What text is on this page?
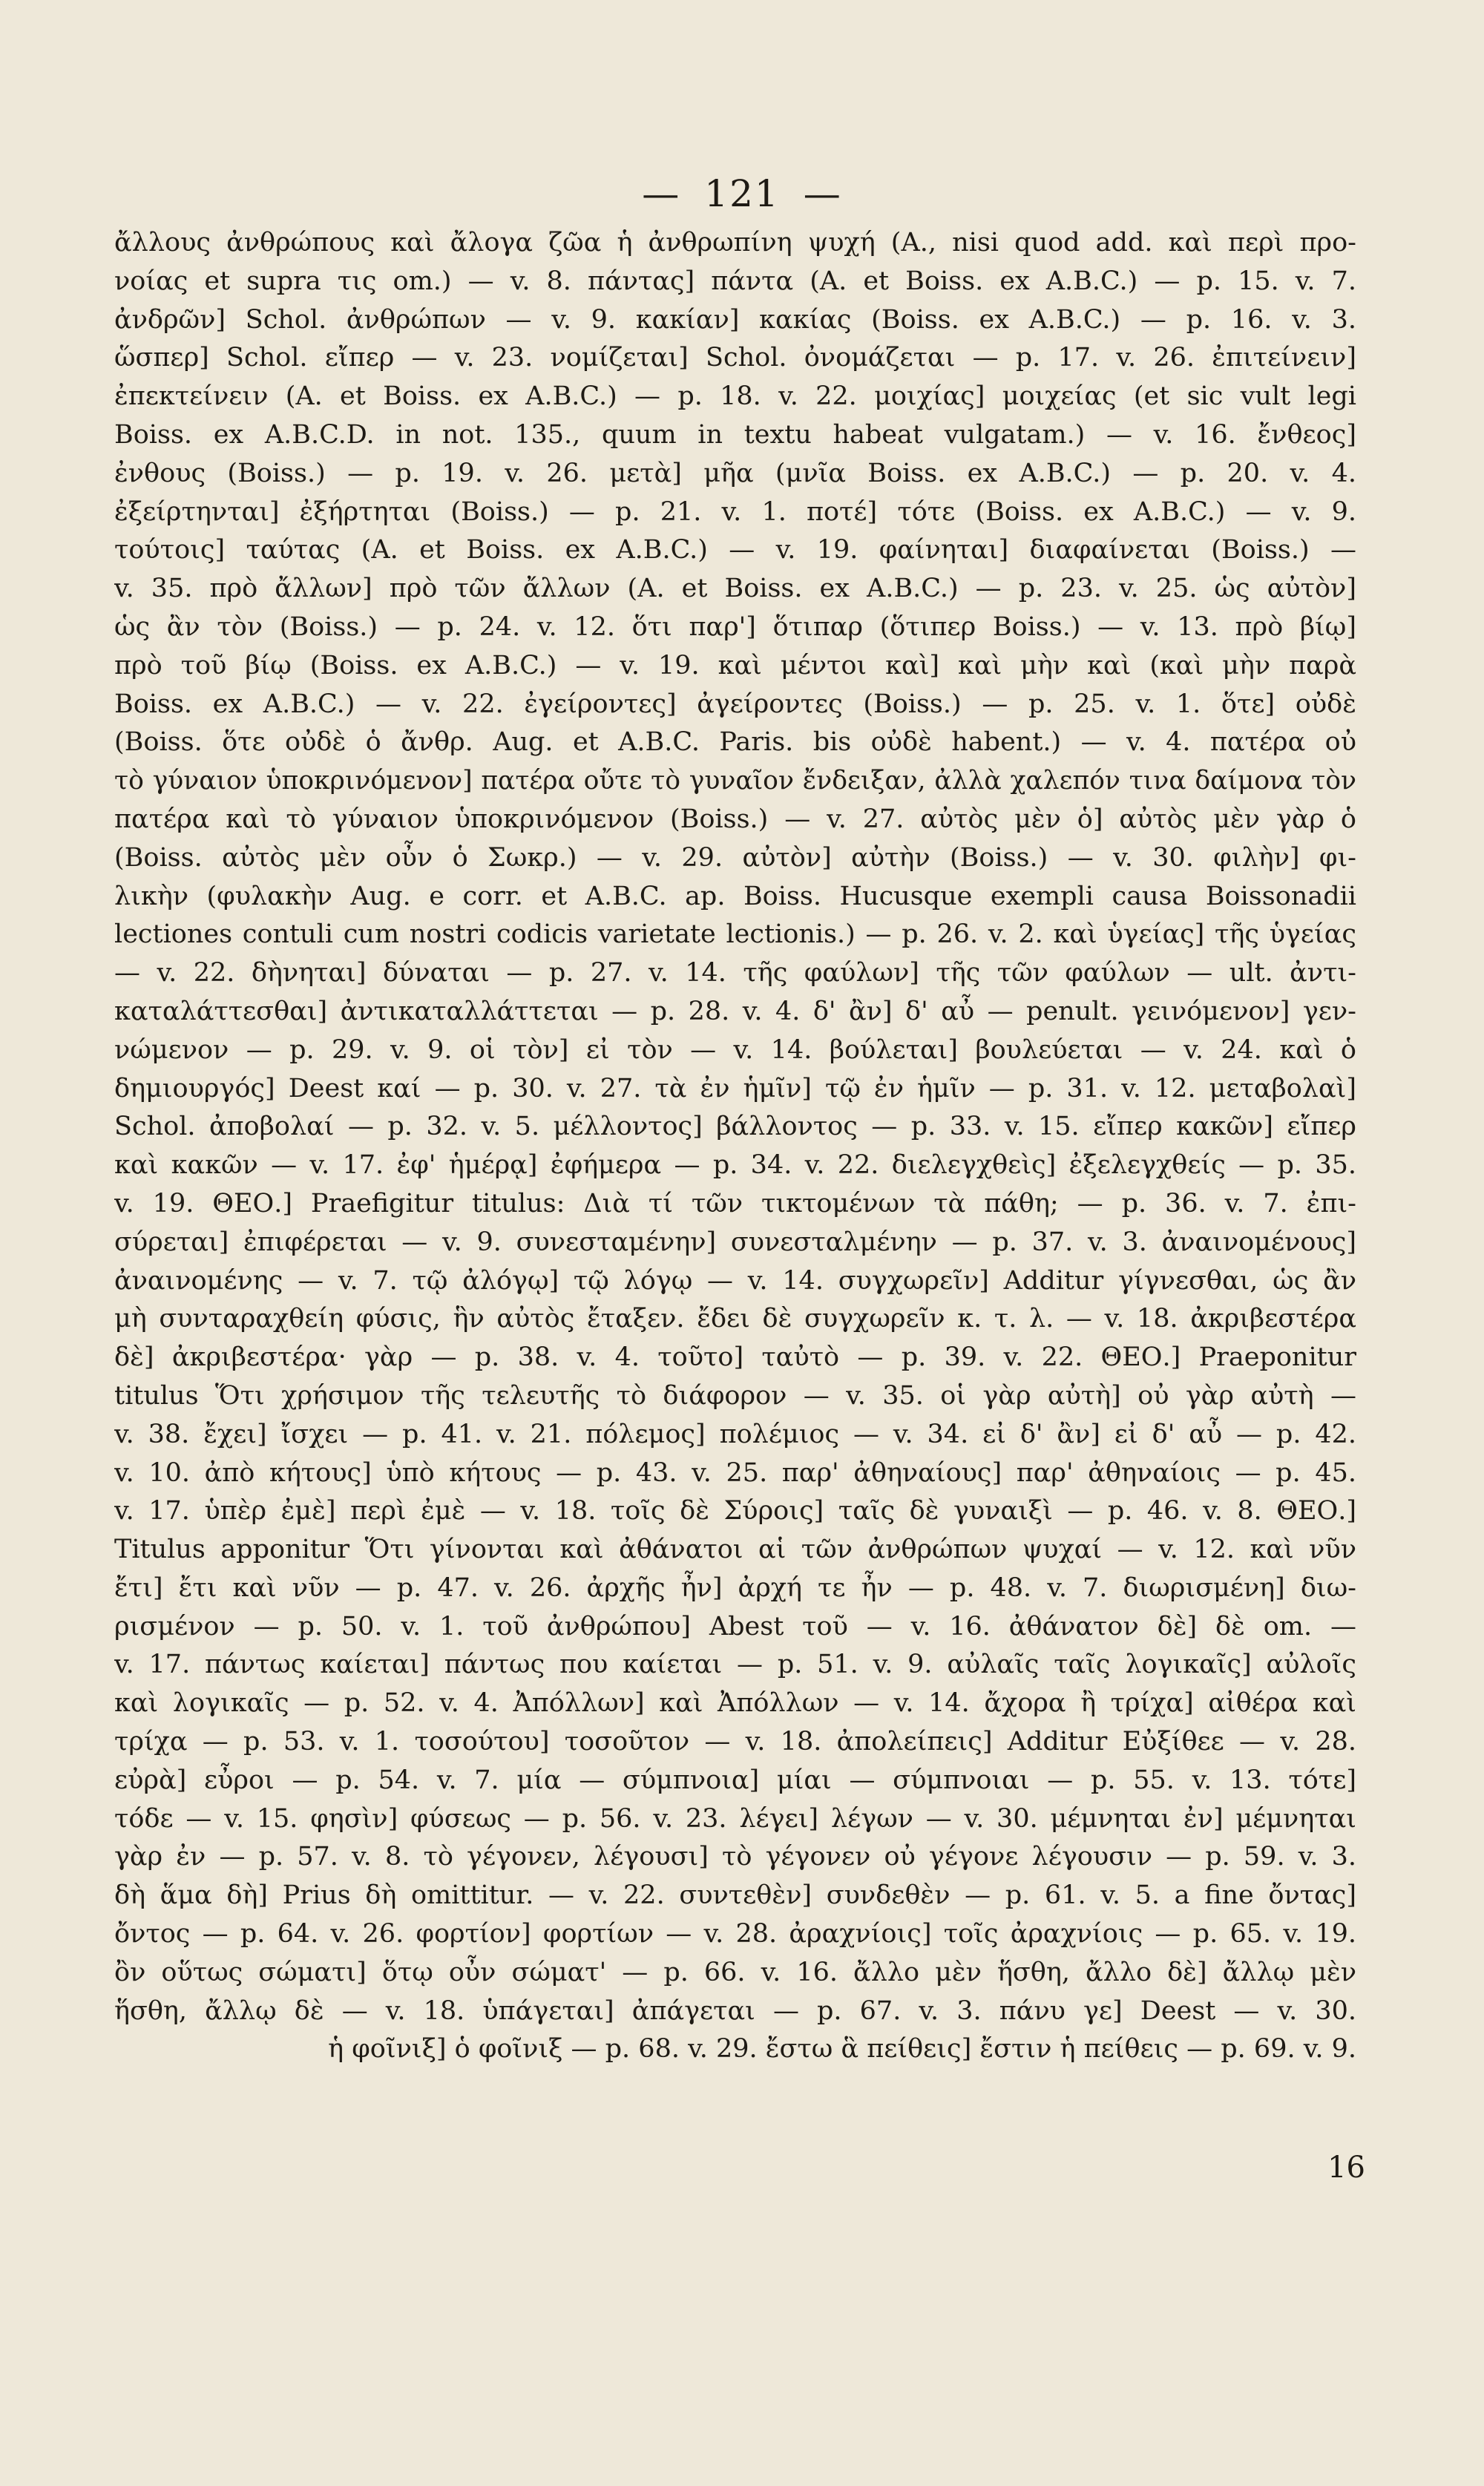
— 121 —
ἄλλους ἀνθρώπους καὶ ἄλογα ζῶα ἡ ἀνθρωπίνη ψυχή (A., nisi quod add. καὶ περὶ προ-
νοίας et supra τις om.) — v. 8. πάντας] πάντα (A. et Boiss. ex A.B.C.) — p. 15. v. 7.
ἀνδρῶν] Schol. ἀνθρώπων — v. 9. κακίαν] κακίας (Boiss. ex A.B.C.) — p. 16. v. 3.
ὥσπερ] Schol. εἴπερ — v. 23. νομίζεται] Schol. ὀνομάζεται — p. 17. v. 26. ἐπιτείνειν]
ἐπεκτείνειν (A. et Boiss. ex A.B.C.) — p. 18. v. 22. μοιχίας] μοιχείας (et sic vult legi
Boiss. ex A.B.C.D. in not. 135., quum in textu habeat vulgatam.) — v. 16. ἔνθεος]
ἐνθους (Boiss.) — p. 19. v. 26. μετὰ] μῆα (μνῖα Boiss. ex A.B.C.) — p. 20. v. 4.
ἐξείρτηνται] ἐξήρτηται (Boiss.) — p. 21. v. 1. ποτέ] τότε (Boiss. ex A.B.C.) — v. 9.
τούτοις] ταύτας (A. et Boiss. ex A.B.C.) — v. 19. φαίνηται] διαφαίνεται (Boiss.) —
v. 35. πρὸ ἄλλων] πρὸ τῶν ἄλλων (A. et Boiss. ex A.B.C.) — p. 23. v. 25. ὡς αὐτὸν]
ὡς ἂν τὸν (Boiss.) — p. 24. v. 12. ὅτι παρ'] ὅτιπαρ (ὅτιπερ Boiss.) — v. 13. πρὸ βίῳ]
πρὸ τοῦ βίῳ (Boiss. ex A.B.C.) — v. 19. καὶ μέντοι καὶ] καὶ μὴν καὶ (καὶ μὴν παρὰ
Boiss. ex A.B.C.) — v. 22. ἐγείροντες] ἀγείροντες (Boiss.) — p. 25. v. 1. ὅτε] οὐδὲ
(Boiss. ὅτε οὐδὲ ὁ ἄνθρ. Aug. et A.B.C. Paris. bis οὐδὲ habent.) — v. 4. πατέρα οὐ
τὸ γύναιον ὑποκρινόμενον] πατέρα οὔτε τὸ γυναῖον ἔνδειξαν, ἀλλὰ χαλεπόν τινα δαίμονα τὸν
πατέρα καὶ τὸ γύναιον ὑποκρινόμενον (Boiss.) — v. 27. αὐτὸς μὲν ὁ] αὐτὸς μὲν γὰρ ὁ
(Boiss. αὐτὸς μὲν οὖν ὁ Σωκρ.) — v. 29. αὐτὸν] αὐτὴν (Boiss.) — v. 30. φιλὴν] φι-
λικὴν (φυλακὴν Aug. e corr. et A.B.C. ap. Boiss. Hucusque exempli causa Boissonadii
lectiones contuli cum nostri codicis varietate lectionis.) — p. 26. v. 2. καὶ ὑγείας] τῆς ὑγείας
— v. 22. δὴνηται] δύναται — p. 27. v. 14. τῆς φαύλων] τῆς τῶν φαύλων — ult. ἀντι-
καταλάττεσθαι] ἀντικαταλλάττεται — p. 28. v. 4. δ' ἂν] δ' αὖ — penult. γεινόμενον] γεν-
νώμενον — p. 29. v. 9. οἱ τὸν] εἰ τὸν — v. 14. βούλεται] βουλεύεται — v. 24. καὶ ὁ
δημιουργός] Deest καί — p. 30. v. 27. τὰ ἐν ἡμῖν] τῷ ἐν ἡμῖν — p. 31. v. 12. μεταβολαὶ]
Schol. ἀποβολαί — p. 32. v. 5. μέλλοντος] βάλλοντος — p. 33. v. 15. εἴπερ κακῶν] εἴπερ
καὶ κακῶν — v. 17. ἐφ' ἡμέρᾳ] ἐφήμερα — p. 34. v. 22. διελεγχθεὶς] ἐξελεγχθείς — p. 35.
v. 19. ΘΕΟ.] Praefigitur titulus: Διὰ τί τῶν τικτομένων τὰ πάθη; — p. 36. v. 7. ἐπι-
σύρεται] ἐπιφέρεται — v. 9. συνεσταμένην] συνεσταλμένην — p. 37. v. 3. ἀναινομένους]
ἀναινομένης — v. 7. τῷ ἀλόγῳ] τῷ λόγῳ — v. 14. συγχωρεῖν] Additur γίγνεσθαι, ὡς ἂν
μὴ συνταραχθείη φύσις, ἣν αὐτὸς ἔταξεν. ἔδει δὲ συγχωρεῖν κ. τ. λ. — v. 18. ἀκριβεστέρα
δὲ] ἀκριβεστέρα· γὰρ — p. 38. v. 4. τοῦτο] ταὐτὸ — p. 39. v. 22. ΘΕΟ.] Praeponitur
titulus Ὅτι χρήσιμον τῆς τελευτῆς τὸ διάφορον — v. 35. οἱ γὰρ αὐτὴ] οὐ γὰρ αὐτὴ —
v. 38. ἔχει] ἴσχει — p. 41. v. 21. πόλεμος] πολέμιος — v. 34. εἰ δ' ἂν] εἰ δ' αὖ — p. 42.
v. 10. ἀπὸ κήτους] ὑπὸ κήτους — p. 43. v. 25. παρ' ἀθηναίους] παρ' ἀθηναίοις — p. 45.
v. 17. ὑπὲρ ἐμὲ] περὶ ἐμὲ — v. 18. τοῖς δὲ Σύροις] ταῖς δὲ γυναιξὶ — p. 46. v. 8. ΘΕΟ.]
Titulus apponitur Ὅτι γίνονται καὶ ἀθάνατοι αἱ τῶν ἀνθρώπων ψυχαί — v. 12. καὶ νῦν
ἔτι] ἔτι καὶ νῦν — p. 47. v. 26. ἀρχῆς ἦν] ἀρχή τε ἦν — p. 48. v. 7. διωρισμένη] διω-
ρισμένον — p. 50. v. 1. τοῦ ἀνθρώπου] Abest τοῦ — v. 16. ἀθάνατον δὲ] δὲ om. —
v. 17. πάντως καίεται] πάντως που καίεται — p. 51. v. 9. αὐλαῖς ταῖς λογικαῖς] αὐλοῖς
καὶ λογικαῖς — p. 52. v. 4. Ἀπόλλων] καὶ Ἀπόλλων — v. 14. ἄχορα ἢ τρίχα] αἰθέρα καὶ
τρίχα — p. 53. v. 1. τοσούτου] τοσοῦτον — v. 18. ἀπολείπεις] Additur Εὐξίθεε — v. 28.
εὐρὰ] εὖροι — p. 54. v. 7. μία — σύμπνοια] μίαι — σύμπνοιαι — p. 55. v. 13. τότε]
τόδε — v. 15. φησὶν] φύσεως — p. 56. v. 23. λέγει] λέγων — v. 30. μέμνηται ἐν] μέμνηται
γὰρ ἐν — p. 57. v. 8. τὸ γέγονεν, λέγουσι] τὸ γέγονεν οὐ γέγονε λέγουσιν — p. 59. v. 3.
δὴ ἅμα δὴ] Prius δὴ omittitur. — v. 22. συντεθὲν] συνδεθὲν — p. 61. v. 5. a fine ὄντας]
ὄντος — p. 64. v. 26. φορτίον] φορτίων — v. 28. ἀραχνίοις] τοῖς ἀραχνίοις — p. 65. v. 19.
ὂν οὕτως σώματι] ὅτῳ οὖν σώματ' — p. 66. v. 16. ἄλλο μὲν ἥσθη, ἄλλο δὲ] ἄλλῳ μὲν
ἥσθη, ἄλλῳ δὲ — v. 18. ὑπάγεται] ἀπάγεται — p. 67. v. 3. πάνυ γε] Deest — v. 30.
ἡ φοῖνιξ] ὁ φοῖνιξ — p. 68. v. 29. ἔστω ἃ πείθεις] ἔστιν ἡ πείθεις — p. 69. v. 9.
16
